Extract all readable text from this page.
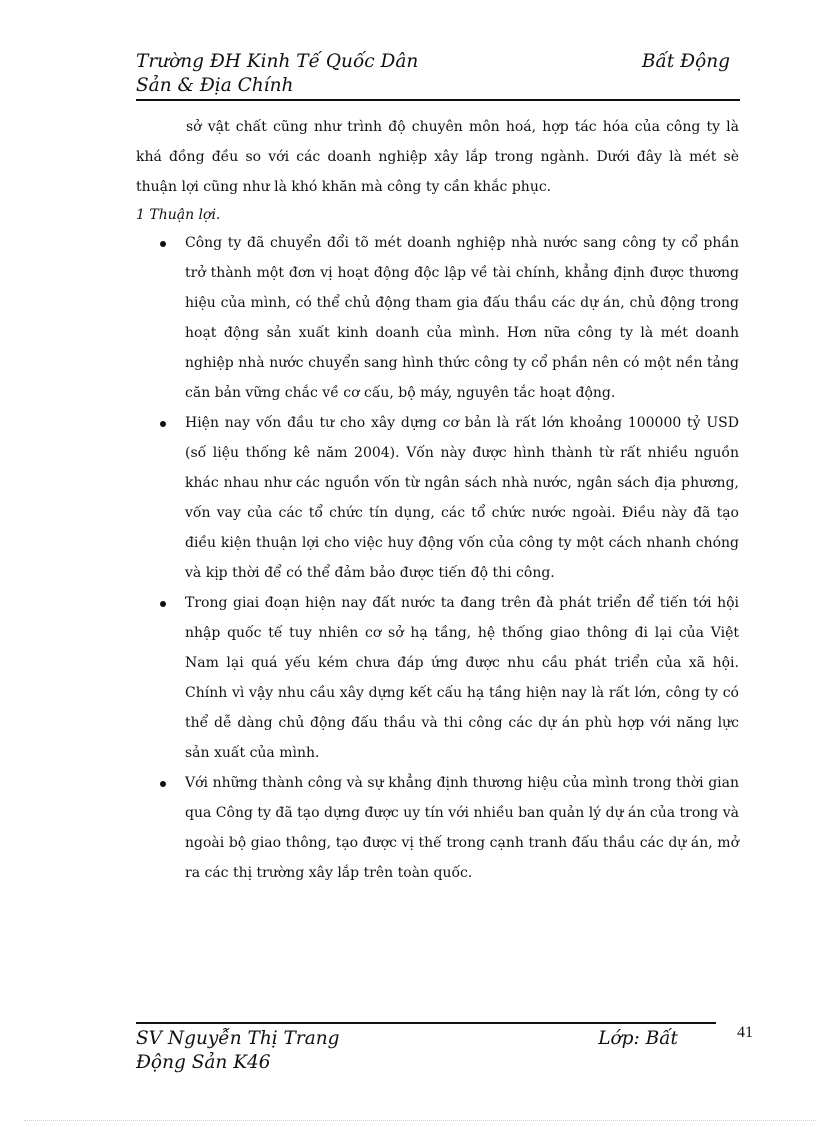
Trường ĐH Kinh Tế Quốc Dân	Bất Động
Sản & Địa Chính

sở vật chất cũng như trình độ chuyên môn hoá, hợp tác hóa của công ty là khá đồng đều so với các doanh nghiệp xây lắp trong ngành. Dưới đây là mét sè thuận lợi cũng như là khó khăn mà công ty cần khắc phục.

1 Thuận lợi.

Công ty đã chuyển đổi tõ mét doanh nghiệp nhà nước sang công ty cổ phần trở thành một đơn vị hoạt động độc lập về tài chính, khẳng định được thương hiệu của mình, có thể chủ động tham gia đấu thầu các dự án, chủ động trong hoạt động sản xuất kinh doanh của mình. Hơn nữa công ty là mét doanh nghiệp nhà nước chuyển sang hình thức công ty cổ phần nên có một nền tảng căn bản vững chắc về cơ cấu, bộ máy, nguyên tắc hoạt động.
Hiện nay vốn đầu tư cho xây dựng cơ bản là rất lớn khoảng 100000 tỷ USD (số liệu thống kê năm 2004). Vốn này được hình thành từ rất nhiều nguồn khác nhau như các nguồn vốn từ ngân sách nhà nước, ngân sách địa phương, vốn vay của các tổ chức tín dụng, các tổ chức nước ngoài. Điều này đã tạo điều kiện thuận lợi cho việc huy động vốn của công ty một cách nhanh chóng và kịp thời để có thể đảm bảo được tiến độ thi công.
Trong giai đoạn hiện nay đất nước ta đang trên đà phát triển để tiến tới hội nhập quốc tế tuy nhiên cơ sở hạ tầng, hệ thống giao thông đi lại của Việt Nam lại quá yếu kém chưa đáp ứng được nhu cầu phát triển của xã hội. Chính vì vậy nhu cầu xây dựng kết cấu hạ tầng hiện nay là rất lớn, công ty có thể dễ dàng chủ động đấu thầu và thi công các dự án phù hợp với năng lực sản xuất của mình.
Với những thành công và sự khẳng định thương hiệu của mình trong thời gian qua Công ty đã tạo dựng được uy tín với nhiều ban quản lý dự án của trong và ngoài bộ giao thông, tạo được vị thế trong cạnh tranh đấu thầu các dự án, mở ra các thị trường xây lắp trên toàn quốc.
SV Nguyễn Thị Trang	Lớp: Bất
Động Sản K46
41
